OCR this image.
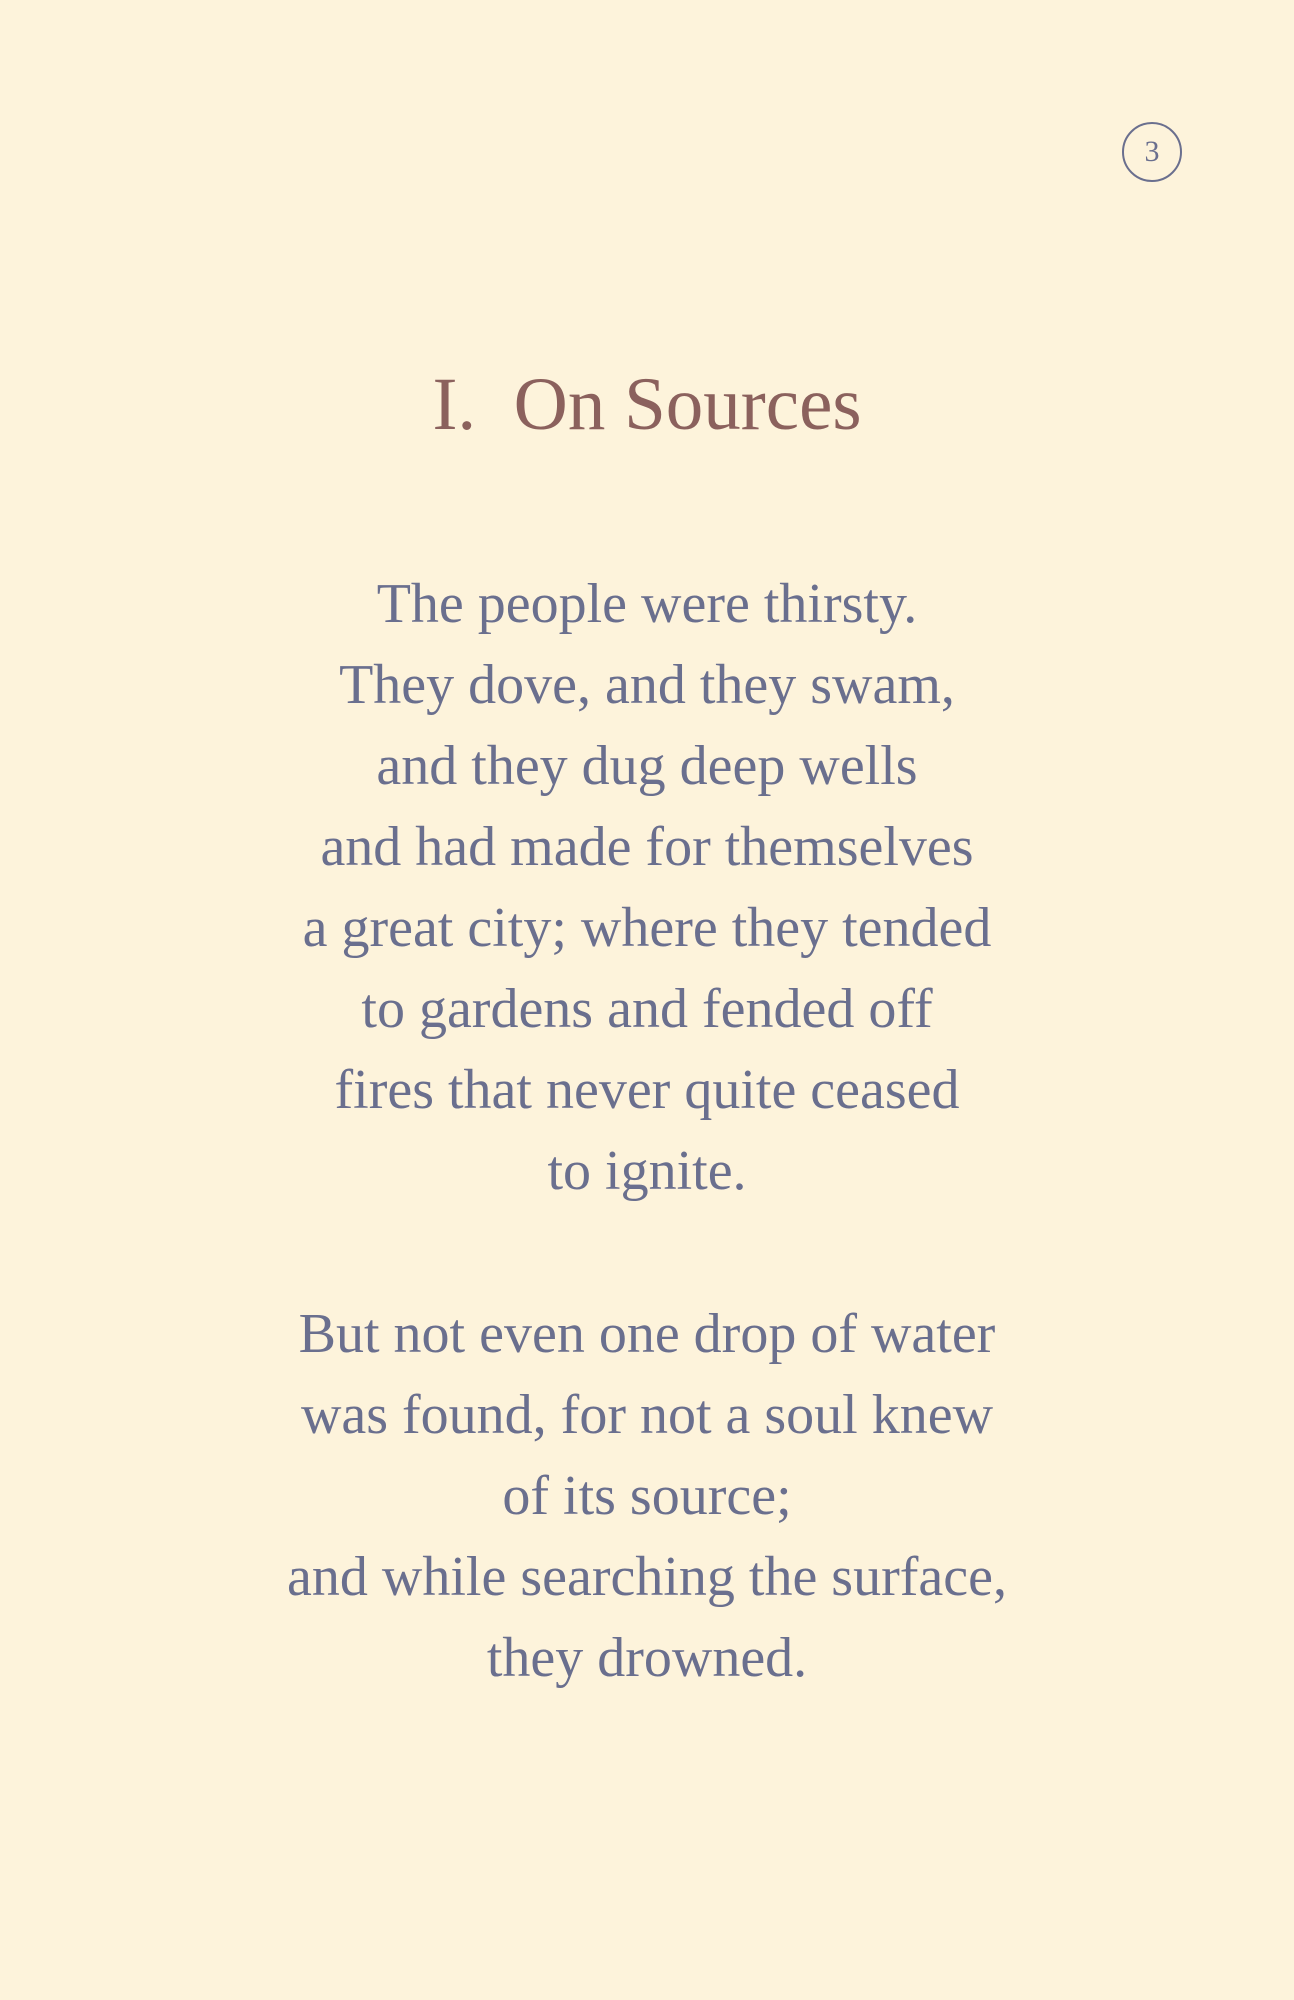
3
I.  On Sources
The people were thirsty.
They dove, and they swam,
and they dug deep wells
and had made for themselves
a great city; where they tended
to gardens and fended off
fires that never quite ceased
to ignite.
But not even one drop of water
was found, for not a soul knew
of its source;
and while searching the surface,
they drowned.
